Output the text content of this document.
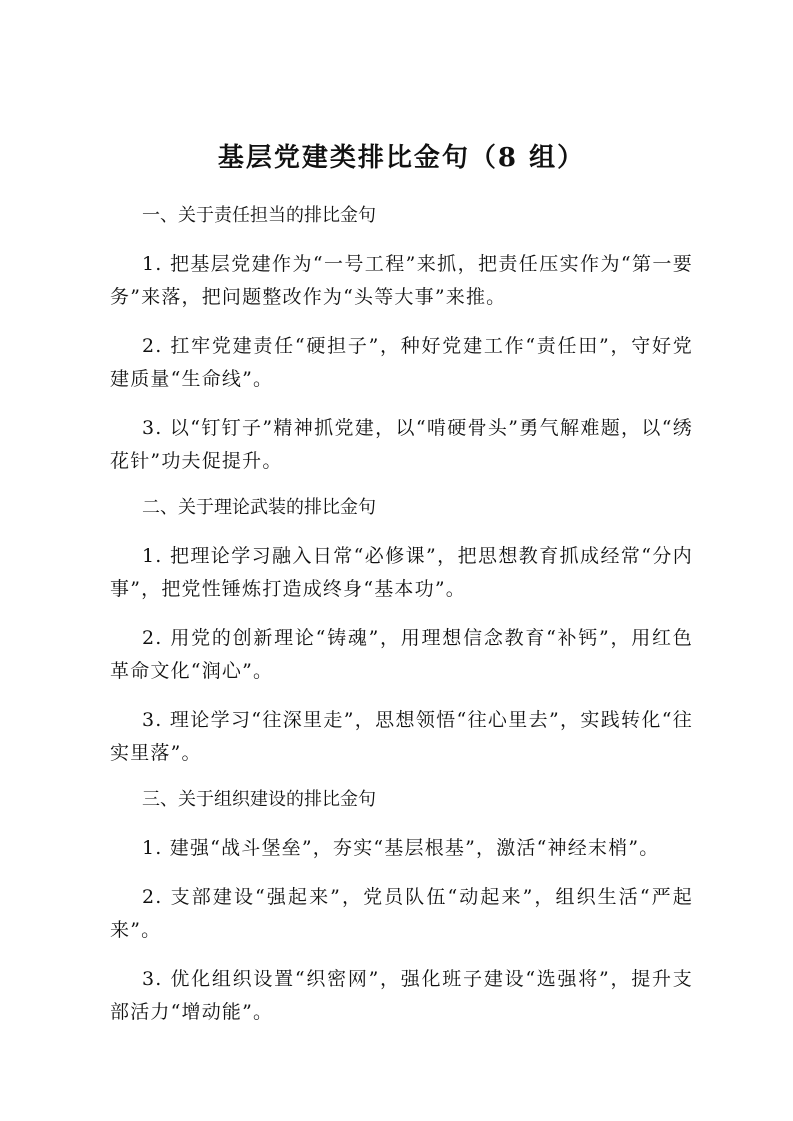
基层党建类排比金句（8 组）

一、关于责任担当的排比金句

1. 把基层党建作为“一号工程”来抓，把责任压实作为“第一要务”来落，把问题整改作为“头等大事”来推。

2. 扛牢党建责任“硬担子”，种好党建工作“责任田”，守好党建质量“生命线”。

3. 以“钉钉子”精神抓党建，以“啃硬骨头”勇气解难题，以“绣花针”功夫促提升。

二、关于理论武装的排比金句

1. 把理论学习融入日常“必修课”，把思想教育抓成经常“分内事”，把党性锤炼打造成终身“基本功”。

2. 用党的创新理论“铸魂”，用理想信念教育“补钙”，用红色革命文化“润心”。

3. 理论学习“往深里走”，思想领悟“往心里去”，实践转化“往实里落”。

三、关于组织建设的排比金句

1. 建强“战斗堡垒”，夯实“基层根基”，激活“神经末梢”。

2. 支部建设“强起来”，党员队伍“动起来”，组织生活“严起来”。

3. 优化组织设置“织密网”，强化班子建设“选强将”，提升支部活力“增动能”。
